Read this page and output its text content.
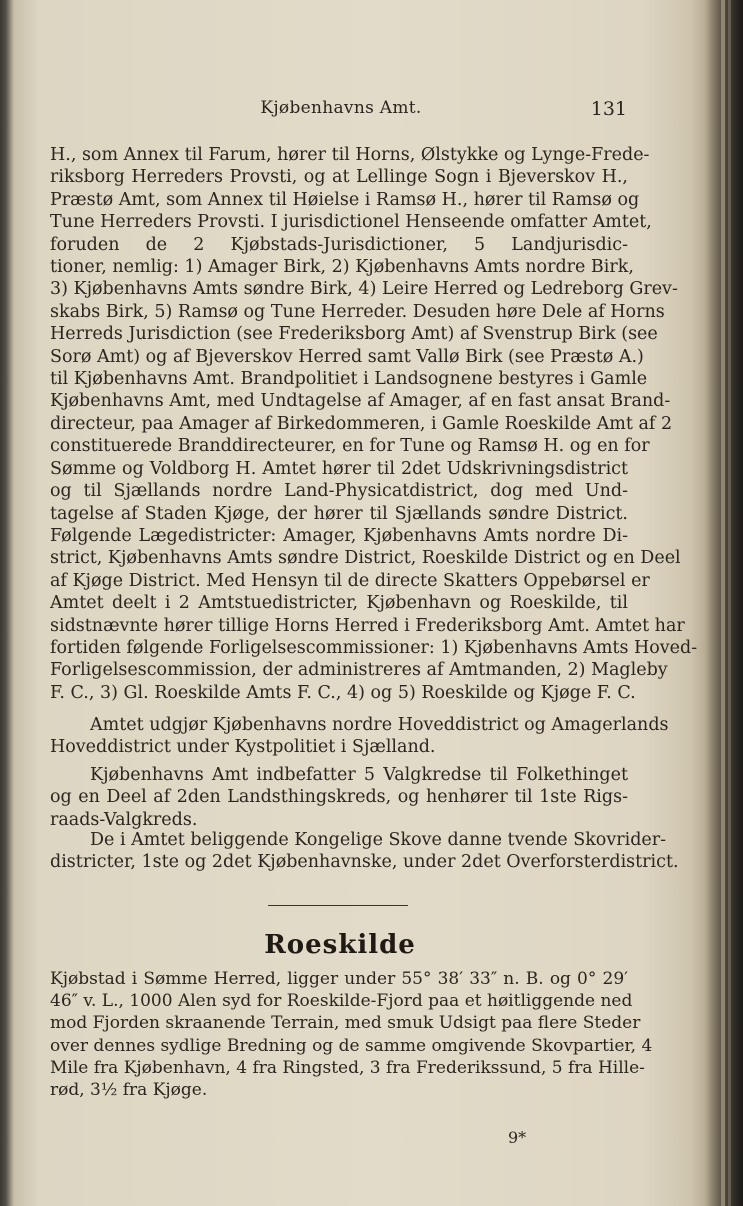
Kjøbenhavns Amt.	131
H., som Annex til Farum, hører til Horns, Ølstykke og Lynge-Frede-
riksborg Herreders Provsti, og at Lellinge Sogn i Bjeverskov H.,
Præstø Amt, som Annex til Høielse i Ramsø H., hører til Ramsø og
Tune Herreders Provsti. I jurisdictionel Henseende omfatter Amtet,
foruden de 2 Kjøbstads-Jurisdictioner, 5 Landjurisdic-
tioner, nemlig: 1) Amager Birk, 2) Kjøbenhavns Amts nordre Birk,
3) Kjøbenhavns Amts søndre Birk, 4) Leire Herred og Ledreborg Grev-
skabs Birk, 5) Ramsø og Tune Herreder. Desuden høre Dele af Horns
Herreds Jurisdiction (see Frederiksborg Amt) af Svenstrup Birk (see
Sorø Amt) og af Bjeverskov Herred samt Vallø Birk (see Præstø A.)
til Kjøbenhavns Amt. Brandpolitiet i Landsognene bestyres i Gamle
Kjøbenhavns Amt, med Undtagelse af Amager, af en fast ansat Brand-
directeur, paa Amager af Birkedommeren, i Gamle Roeskilde Amt af 2
constituerede Branddirecteurer, en for Tune og Ramsø H. og en for
Sømme og Voldborg H. Amtet hører til 2det Udskrivningsdistrict
og til Sjællands nordre Land-Physicatdistrict, dog med Und-
tagelse af Staden Kjøge, der hører til Sjællands søndre District.
Følgende Lægedistricter: Amager, Kjøbenhavns Amts nordre Di-
strict, Kjøbenhavns Amts søndre District, Roeskilde District og en Deel
af Kjøge District. Med Hensyn til de directe Skatters Oppebørsel er
Amtet deelt i 2 Amtstuedistricter, Kjøbenhavn og Roeskilde, til
sidstnævnte hører tillige Horns Herred i Frederiksborg Amt. Amtet har
fortiden følgende Forligelsescommissioner: 1) Kjøbenhavns Amts Hoved-
Forligelsescommission, der administreres af Amtmanden, 2) Magleby
F. C., 3) Gl. Roeskilde Amts F. C., 4) og 5) Roeskilde og Kjøge F. C.
Amtet udgjør Kjøbenhavns nordre Hoveddistrict og Amagerlands
Hoveddistrict under Kystpolitiet i Sjælland.
Kjøbenhavns Amt indbefatter 5 Valgkredse til Folkethinget
og en Deel af 2den Landsthingskreds, og henhører til 1ste Rigs-
raads-Valgkreds.
De i Amtet beliggende Kongelige Skove danne tvende Skovrider-
districter, 1ste og 2det Kjøbenhavnske, under 2det Overforsterdistrict.
Roeskilde
Kjøbstad i Sømme Herred, ligger under 55° 38′ 33″ n. B. og 0° 29′
46″ v. L., 1000 Alen syd for Roeskilde-Fjord paa et høitliggende ned
mod Fjorden skraanende Terrain, med smuk Udsigt paa flere Steder
over dennes sydlige Bredning og de samme omgivende Skovpartier, 4
Mile fra Kjøbenhavn, 4 fra Ringsted, 3 fra Frederikssund, 5 fra Hille-
rød, 3½ fra Kjøge.
9*
